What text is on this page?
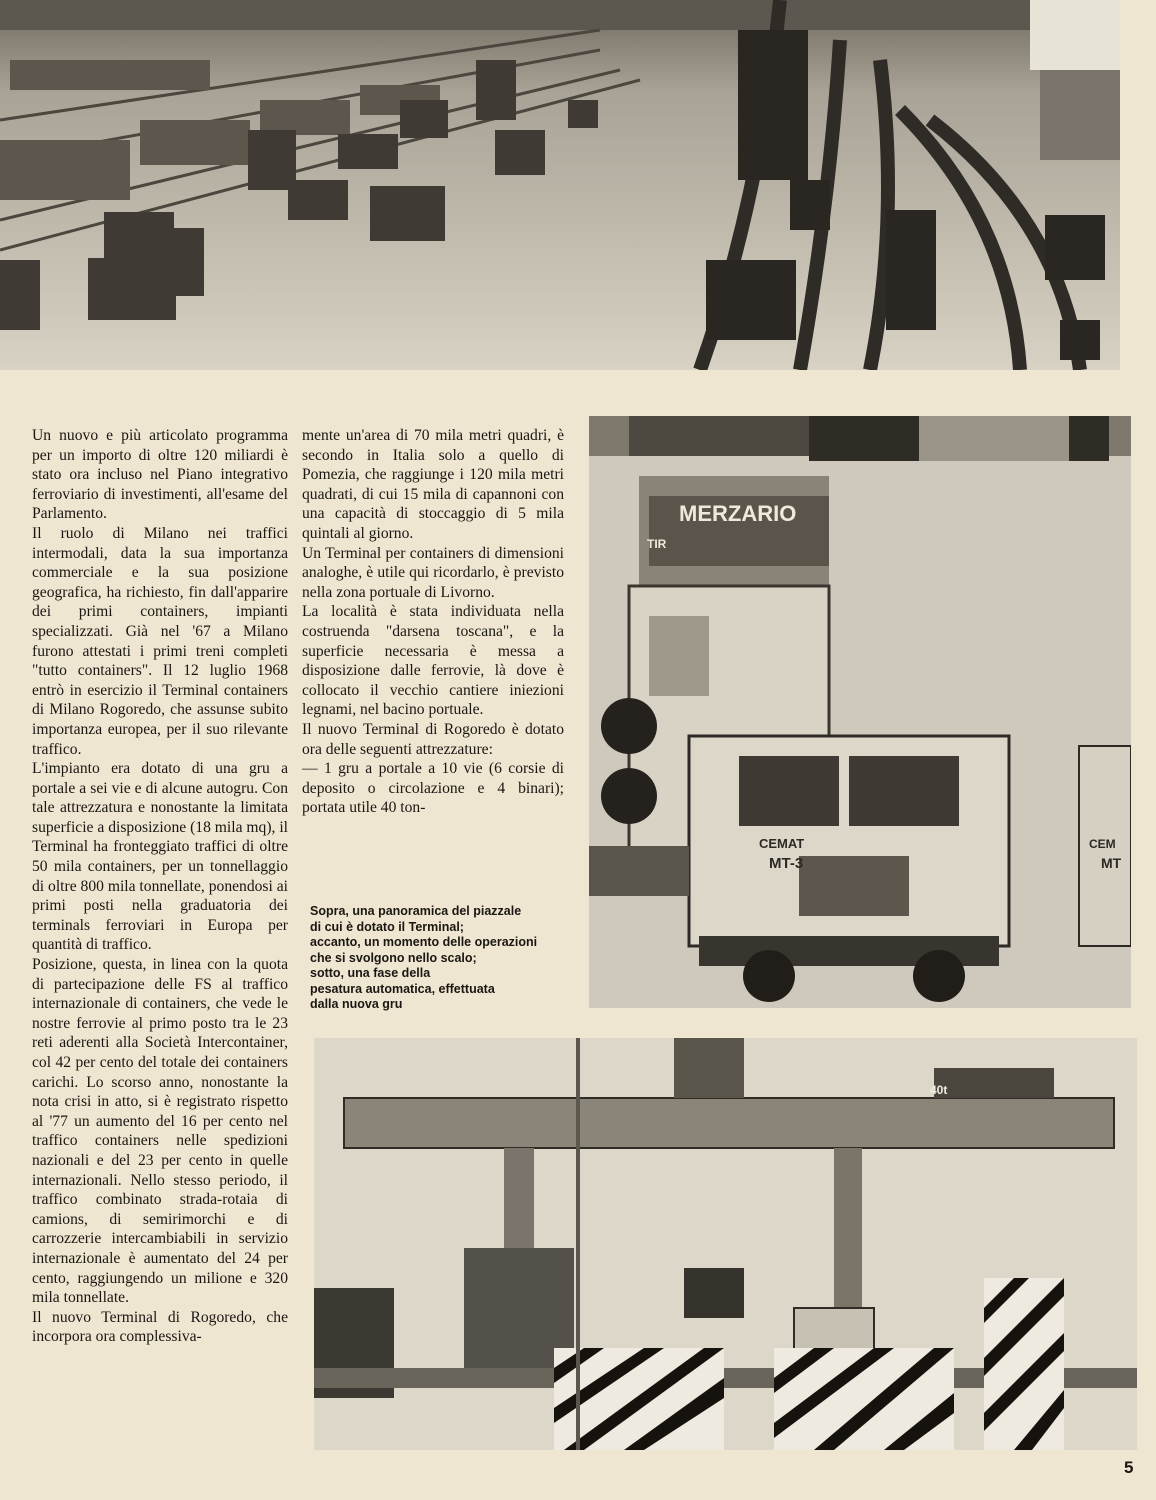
MERZARIO
TIR
CEMAT
MT-3
CEM
MT
40t

Un nuovo e più articolato programma per un importo di oltre 120 miliardi è stato ora incluso nel Piano integrativo ferroviario di investimenti, all'esame del Parlamento.

Il ruolo di Milano nei traffici intermodali, data la sua importanza commerciale e la sua posizione geografica, ha richiesto, fin dall'apparire dei primi containers, impianti specializzati. Già nel '67 a Milano furono attestati i primi treni completi "tutto containers". Il 12 luglio 1968 entrò in esercizio il Terminal containers di Milano Rogoredo, che assunse subito importanza europea, per il suo rilevante traffico.

L'impianto era dotato di una gru a portale a sei vie e di alcune autogru. Con tale attrezzatura e nonostante la limitata superficie a disposizione (18 mila mq), il Terminal ha fronteggiato traffici di oltre 50 mila containers, per un tonnellaggio di oltre 800 mila tonnellate, ponendosi ai primi posti nella graduatoria dei terminals ferroviari in Europa per quantità di traffico.

Posizione, questa, in linea con la quota di partecipazione delle FS al traffico internazionale di containers, che vede le nostre ferrovie al primo posto tra le 23 reti aderenti alla Società Intercontainer, col 42 per cento del totale dei containers carichi. Lo scorso anno, nonostante la nota crisi in atto, si è registrato rispetto al '77 un aumento del 16 per cento nel traffico containers nelle spedizioni nazionali e del 23 per cento in quelle internazionali. Nello stesso periodo, il traffico combinato strada-rotaia di camions, di semirimorchi e di carrozzerie intercambiabili in servizio internazionale è aumentato del 24 per cento, raggiungendo un milione e 320 mila tonnellate.

Il nuovo Terminal di Rogoredo, che incorpora ora complessiva-

mente un'area di 70 mila metri quadri, è secondo in Italia solo a quello di Pomezia, che raggiunge i 120 mila metri quadrati, di cui 15 mila di capannoni con una capacità di stoccaggio di 5 mila quintali al giorno.

Un Terminal per containers di dimensioni analoghe, è utile qui ricordarlo, è previsto nella zona portuale di Livorno.

La località è stata individuata nella costruenda "darsena toscana", e la superficie necessaria è messa a disposizione dalle ferrovie, là dove è collocato il vecchio cantiere iniezioni legnami, nel bacino portuale.

Il nuovo Terminal di Rogoredo è dotato ora delle seguenti attrezzature:

— 1 gru a portale a 10 vie (6 corsie di deposito o circolazione e 4 binari); portata utile 40 ton-

Sopra, una panoramica del piazzale
di cui è dotato il Terminal;
accanto, un momento delle operazioni
che si svolgono nello scalo;
sotto, una fase della
pesatura automatica, effettuata
dalla nuova gru
5
